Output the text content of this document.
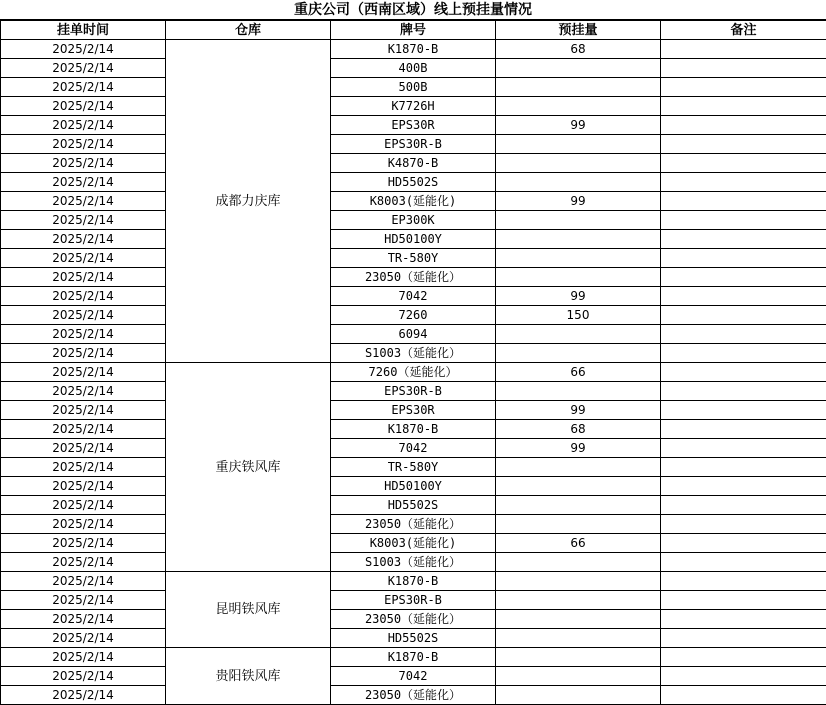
重庆公司（西南区域）线上预挂量情况
挂单时间	仓库	牌号	预挂量	备注
2025/2/14	成都力庆库	K1870-B	68	
2025/2/14		400B		
2025/2/14		500B		
2025/2/14		K7726H		
2025/2/14		EPS30R	99	
2025/2/14		EPS30R-B		
2025/2/14		K4870-B		
2025/2/14		HD5502S		
2025/2/14		K8003(延能化)	99	
2025/2/14		EP300K		
2025/2/14		HD50100Y		
2025/2/14		TR-580Y		
2025/2/14		23050（延能化）		
2025/2/14		7042	99	
2025/2/14		7260	150	
2025/2/14		6094		
2025/2/14		S1003（延能化）		
2025/2/14	重庆铁风库	7260（延能化）	66	
2025/2/14		EPS30R-B		
2025/2/14		EPS30R	99	
2025/2/14		K1870-B	68	
2025/2/14		7042	99	
2025/2/14		TR-580Y		
2025/2/14		HD50100Y		
2025/2/14		HD5502S		
2025/2/14		23050（延能化）		
2025/2/14		K8003(延能化)	66	
2025/2/14		S1003（延能化）		
2025/2/14	昆明铁风库	K1870-B		
2025/2/14		EPS30R-B		
2025/2/14		23050（延能化）		
2025/2/14		HD5502S		
2025/2/14	贵阳铁风库	K1870-B		
2025/2/14		7042		
2025/2/14		23050（延能化）		
